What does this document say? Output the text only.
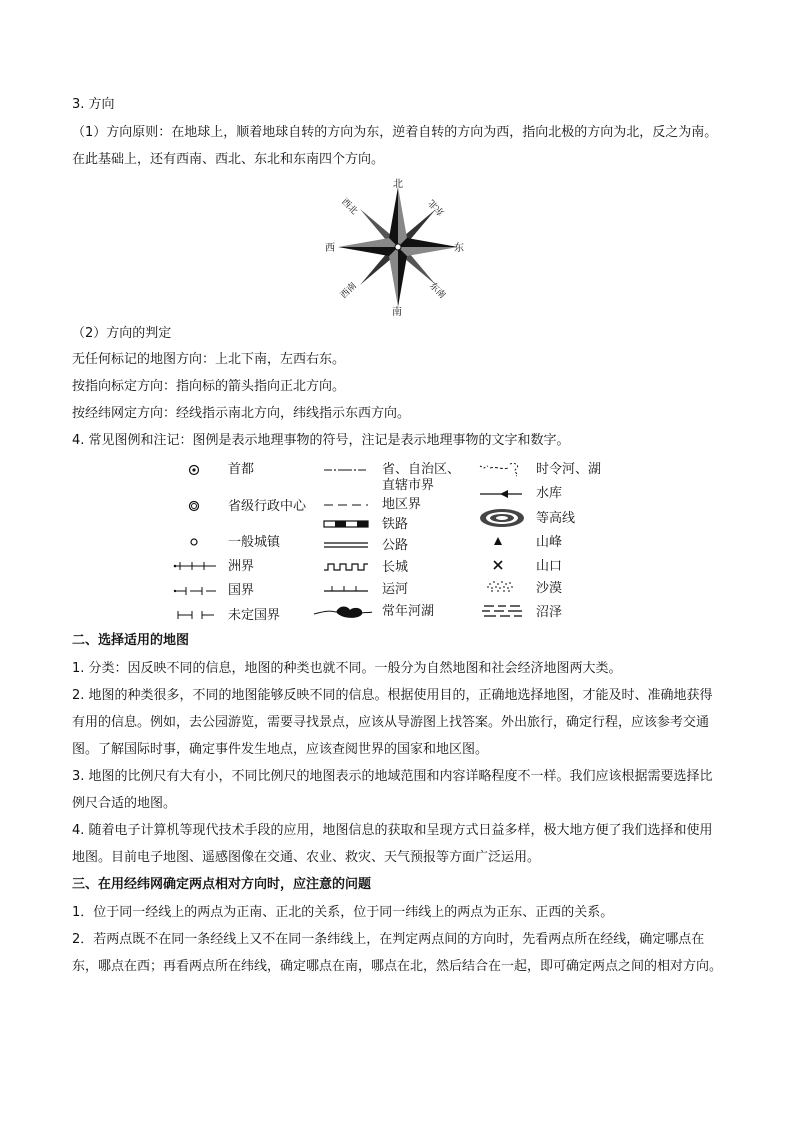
3. 方向
（1）方向原则：在地球上，顺着地球自转的方向为东，逆着自转的方向为西，指向北极的方向为北，反之为南。在此基础上，还有西南、西北、东北和东南四个方向。
北
南
东
西
西北	东北
西南	东南
（2）方向的判定
无任何标记的地图方向：上北下南，左西右东。
按指向标定方向：指向标的箭头指向正北方向。
按经纬网定方向：经线指示南北方向，纬线指示东西方向。
4. 常见图例和注记：图例是表示地理事物的符号，注记是表示地理事物的文字和数字。
首都
省级行政中心
一般城镇
洲界
国界
未定国界
省、自治区、
直辖市界
地区界
铁路
公路
长城
运河
常年河湖
时令河、湖
水库
等高线
山峰
山口
沙漠
沼泽
二、选择适用的地图
1. 分类：因反映不同的信息，地图的种类也就不同。一般分为自然地图和社会经济地图两大类。
2. 地图的种类很多，不同的地图能够反映不同的信息。根据使用目的，正确地选择地图，才能及时、准确地获得有用的信息。例如，去公园游览，需要寻找景点，应该从导游图上找答案。外出旅行，确定行程，应该参考交通图。了解国际时事，确定事件发生地点，应该查阅世界的国家和地区图。
3. 地图的比例尺有大有小，不同比例尺的地图表示的地域范围和内容详略程度不一样。我们应该根据需要选择比例尺合适的地图。
4. 随着电子计算机等现代技术手段的应用，地图信息的获取和呈现方式日益多样，极大地方便了我们选择和使用地图。目前电子地图、遥感图像在交通、农业、救灾、天气预报等方面广泛运用。
三、在用经纬网确定两点相对方向时，应注意的问题
1．位于同一经线上的两点为正南、正北的关系，位于同一纬线上的两点为正东、正西的关系。
2．若两点既不在同一条经线上又不在同一条纬线上，在判定两点间的方向时，先看两点所在经线，确定哪点在东，哪点在西；再看两点所在纬线，确定哪点在南，哪点在北，然后结合在一起，即可确定两点之间的相对方向。
